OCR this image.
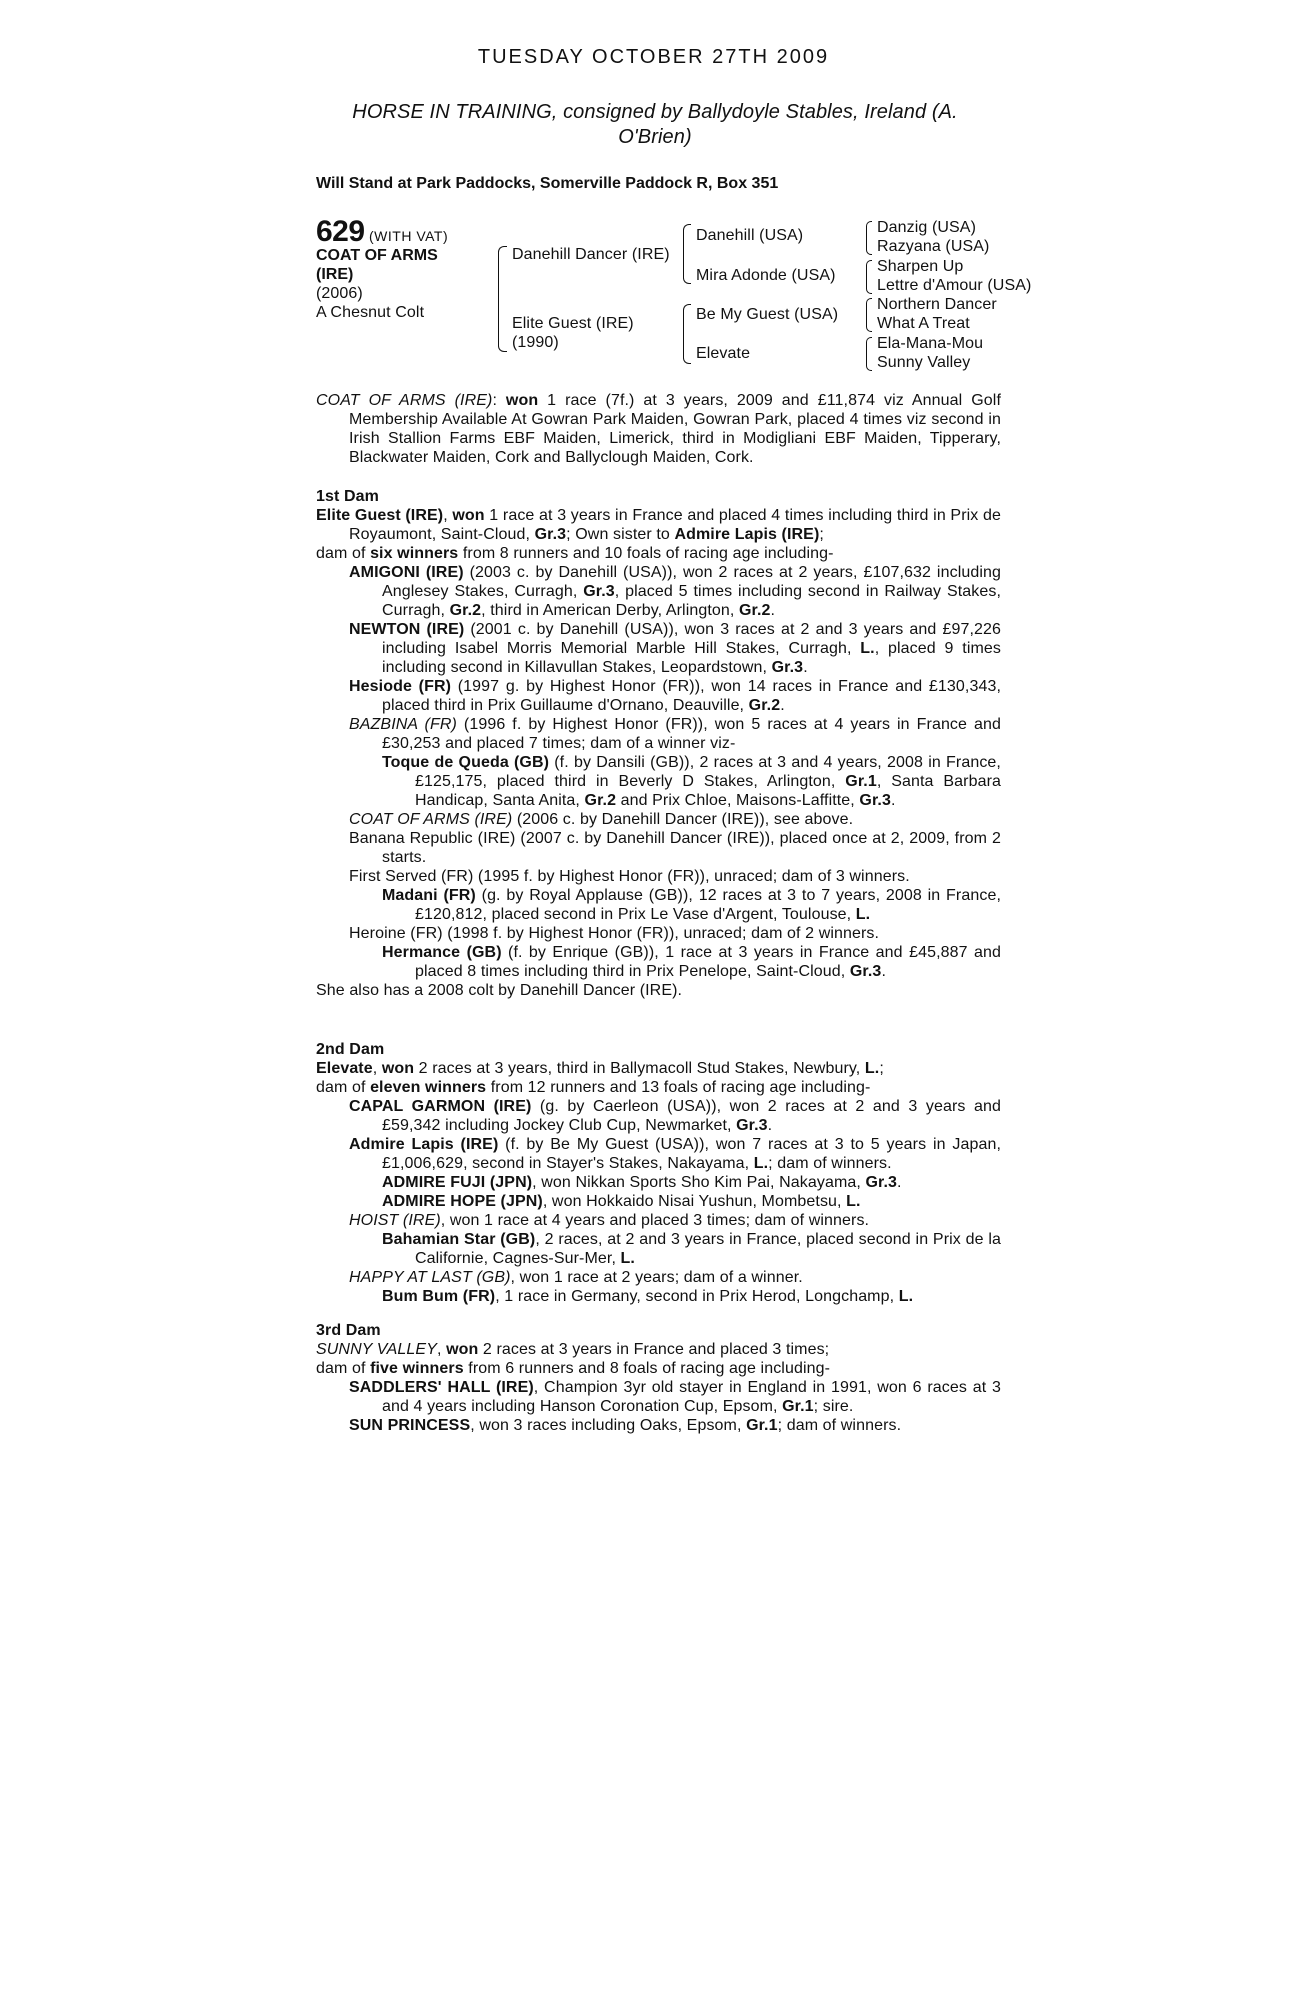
TUESDAY OCTOBER 27TH 2009
HORSE IN TRAINING, consigned by Ballydoyle Stables, Ireland (A. O'Brien)
Will Stand at Park Paddocks, Somerville Paddock R, Box 351
629 (WITH VAT)
COAT OF ARMS
(IRE)
(2006)
A Chesnut Colt
Danehill Dancer (IRE)
Elite Guest (IRE)
(1990)
Danehill (USA)
Mira Adonde (USA)
Be My Guest (USA)
Elevate
Danzig (USA)
Razyana (USA)
Sharpen Up
Lettre d'Amour (USA)
Northern Dancer
What A Treat
Ela-Mana-Mou
Sunny Valley

COAT OF ARMS (IRE): won 1 race (7f.) at 3 years, 2009 and £11,874 viz Annual Golf Membership Available At Gowran Park Maiden, Gowran Park, placed 4 times viz second in Irish Stallion Farms EBF Maiden, Limerick, third in Modigliani EBF Maiden, Tipperary, Blackwater Maiden, Cork and Ballyclough Maiden, Cork.

1st Dam

Elite Guest (IRE), won 1 race at 3 years in France and placed 4 times including third in Prix de Royaumont, Saint-Cloud, Gr.3; Own sister to Admire Lapis (IRE);

dam of six winners from 8 runners and 10 foals of racing age including-

AMIGONI (IRE) (2003 c. by Danehill (USA)), won 2 races at 2 years, £107,632 including Anglesey Stakes, Curragh, Gr.3, placed 5 times including second in Railway Stakes, Curragh, Gr.2, third in American Derby, Arlington, Gr.2.

NEWTON (IRE) (2001 c. by Danehill (USA)), won 3 races at 2 and 3 years and £97,226 including Isabel Morris Memorial Marble Hill Stakes, Curragh, L., placed 9 times including second in Killavullan Stakes, Leopardstown, Gr.3.

Hesiode (FR) (1997 g. by Highest Honor (FR)), won 14 races in France and £130,343, placed third in Prix Guillaume d'Ornano, Deauville, Gr.2.

BAZBINA (FR) (1996 f. by Highest Honor (FR)), won 5 races at 4 years in France and £30,253 and placed 7 times; dam of a winner viz-

Toque de Queda (GB) (f. by Dansili (GB)), 2 races at 3 and 4 years, 2008 in France, £125,175, placed third in Beverly D Stakes, Arlington, Gr.1, Santa Barbara Handicap, Santa Anita, Gr.2 and Prix Chloe, Maisons-Laffitte, Gr.3.

COAT OF ARMS (IRE) (2006 c. by Danehill Dancer (IRE)), see above.

Banana Republic (IRE) (2007 c. by Danehill Dancer (IRE)), placed once at 2, 2009, from 2 starts.

First Served (FR) (1995 f. by Highest Honor (FR)), unraced; dam of 3 winners.

Madani (FR) (g. by Royal Applause (GB)), 12 races at 3 to 7 years, 2008 in France, £120,812, placed second in Prix Le Vase d'Argent, Toulouse, L.

Heroine (FR) (1998 f. by Highest Honor (FR)), unraced; dam of 2 winners.

Hermance (GB) (f. by Enrique (GB)), 1 race at 3 years in France and £45,887 and placed 8 times including third in Prix Penelope, Saint-Cloud, Gr.3.

She also has a 2008 colt by Danehill Dancer (IRE).

2nd Dam

Elevate, won 2 races at 3 years, third in Ballymacoll Stud Stakes, Newbury, L.;

dam of eleven winners from 12 runners and 13 foals of racing age including-

CAPAL GARMON (IRE) (g. by Caerleon (USA)), won 2 races at 2 and 3 years and £59,342 including Jockey Club Cup, Newmarket, Gr.3.

Admire Lapis (IRE) (f. by Be My Guest (USA)), won 7 races at 3 to 5 years in Japan, £1,006,629, second in Stayer's Stakes, Nakayama, L.; dam of winners.

ADMIRE FUJI (JPN), won Nikkan Sports Sho Kim Pai, Nakayama, Gr.3.

ADMIRE HOPE (JPN), won Hokkaido Nisai Yushun, Mombetsu, L.

HOIST (IRE), won 1 race at 4 years and placed 3 times; dam of winners.

Bahamian Star (GB), 2 races, at 2 and 3 years in France, placed second in Prix de la Californie, Cagnes-Sur-Mer, L.

HAPPY AT LAST (GB), won 1 race at 2 years; dam of a winner.

Bum Bum (FR), 1 race in Germany, second in Prix Herod, Longchamp, L.

3rd Dam

SUNNY VALLEY, won 2 races at 3 years in France and placed 3 times;

dam of five winners from 6 runners and 8 foals of racing age including-

SADDLERS' HALL (IRE), Champion 3yr old stayer in England in 1991, won 6 races at 3 and 4 years including Hanson Coronation Cup, Epsom, Gr.1; sire.

SUN PRINCESS, won 3 races including Oaks, Epsom, Gr.1; dam of winners.
